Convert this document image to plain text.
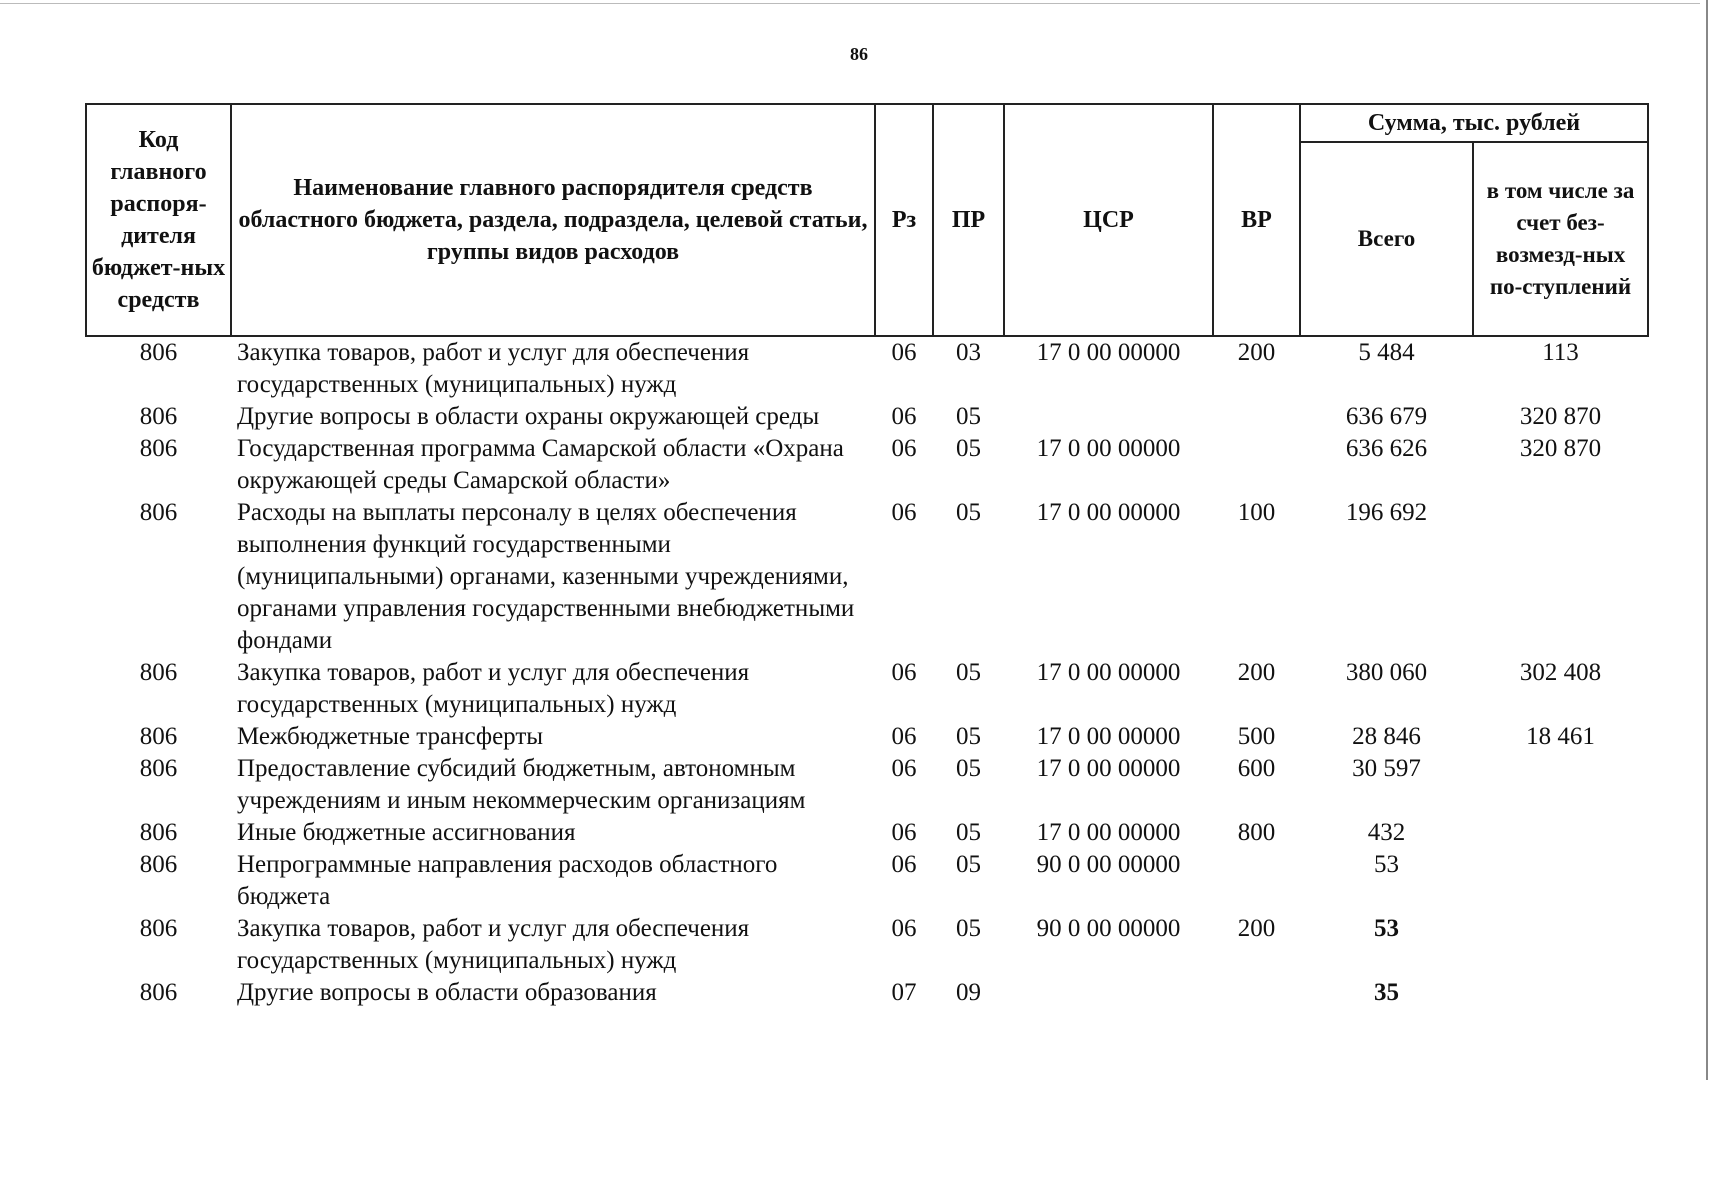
86
Код главного распоря-дителя бюджет-ных средств	Наименование главного распорядителя средств областного бюджета, раздела, подраздела, целевой статьи, группы видов расходов	Рз	ПР	ЦСР	ВР	Сумма, тыс. рублей	
						Всего	в том числе за счет без-возмезд-ных по-ступлений
806	Закупка товаров, работ и услуг для обеспечения государственных (муниципальных) нужд	06	03	17 0 00 00000	200	5 484	113
806	Другие вопросы в области охраны окружающей среды	06	05			636 679	320 870
806	Государственная программа Самарской области «Охрана окружающей среды Самарской области»	06	05	17 0 00 00000		636 626	320 870
806	Расходы на выплаты персоналу в целях обеспечения выполнения функций государственными (муниципальными) органами, казенными учреждениями, органами управления государственными внебюджетными фондами	06	05	17 0 00 00000	100	196 692	
806	Закупка товаров, работ и услуг для обеспечения государственных (муниципальных) нужд	06	05	17 0 00 00000	200	380 060	302 408
806	Межбюджетные трансферты	06	05	17 0 00 00000	500	28 846	18 461
806	Предоставление субсидий бюджетным, автономным учреждениям и иным некоммерческим организациям	06	05	17 0 00 00000	600	30 597	
806	Иные бюджетные ассигнования	06	05	17 0 00 00000	800	432	
806	Непрограммные направления расходов областного бюджета	06	05	90 0 00 00000		53	
806	Закупка товаров, работ и услуг для обеспечения государственных (муниципальных) нужд	06	05	90 0 00 00000	200	53	
806	Другие вопросы в области образования	07	09			35	
